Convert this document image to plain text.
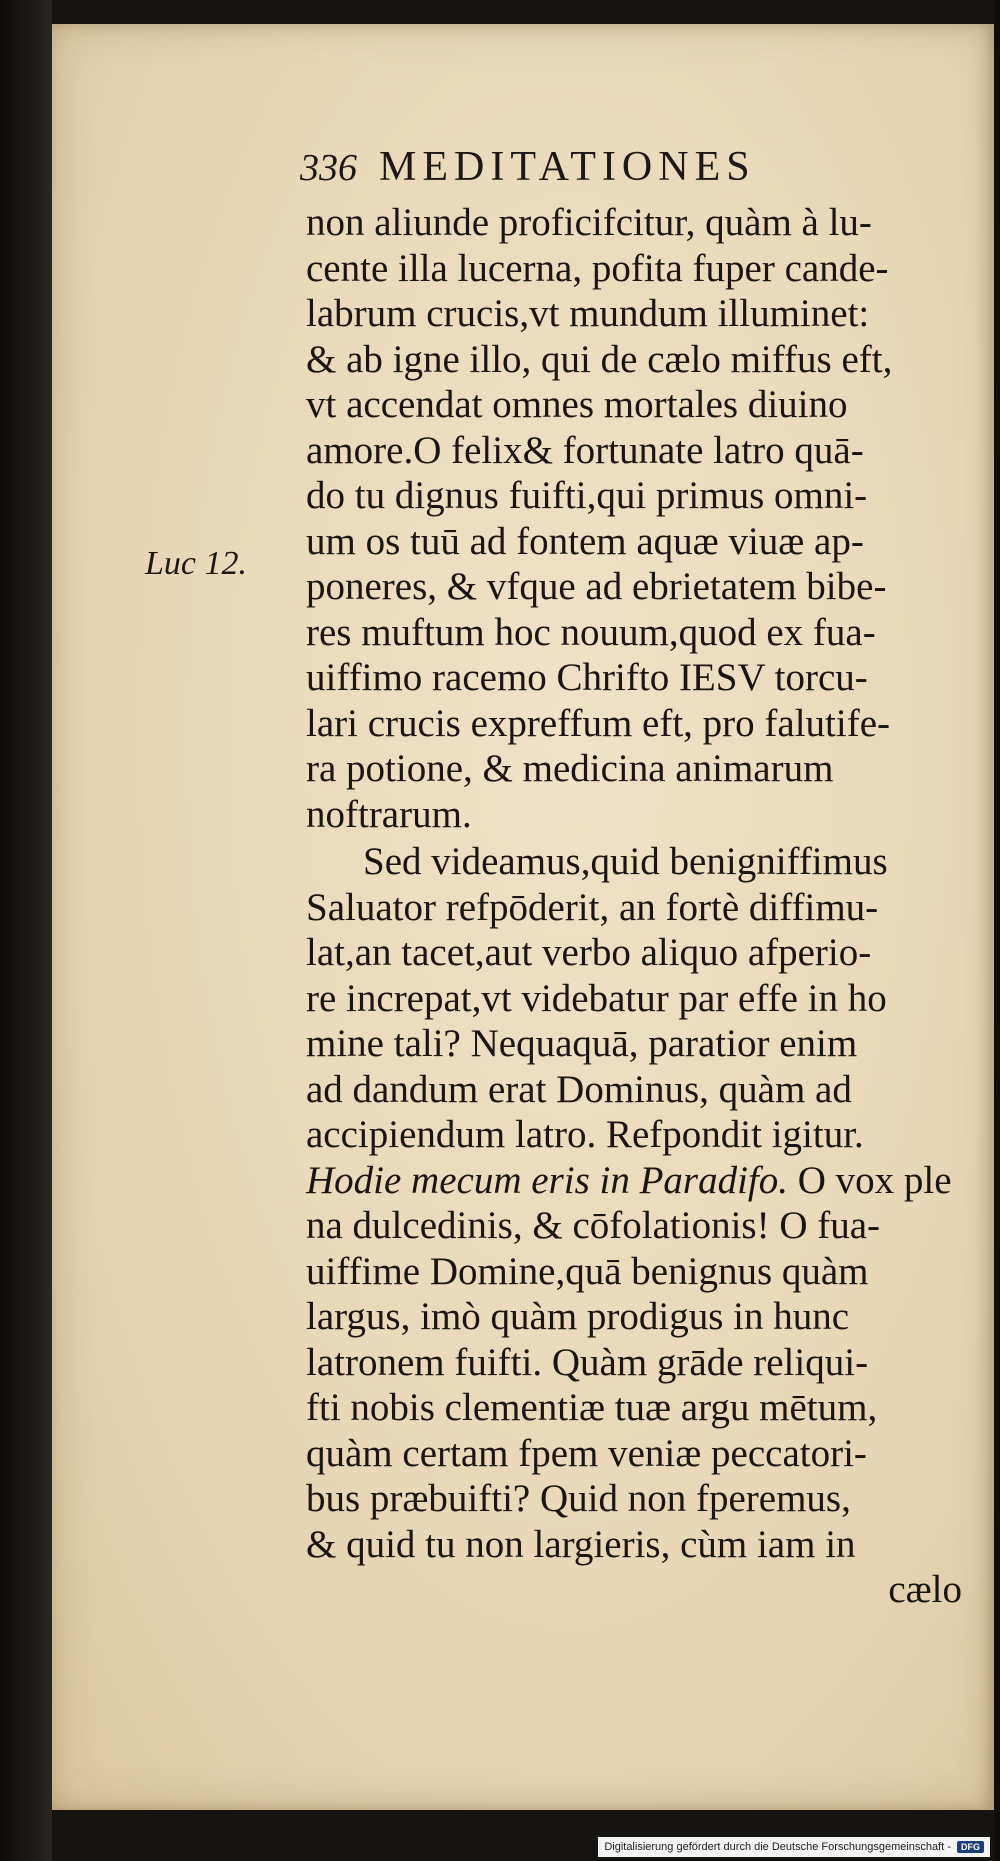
336 MEDITATIONES
Luc 12.
non aliunde proficifcitur, quàm à lu-
cente illa lucerna, pofita fuper cande-
labrum crucis,vt mundum illuminet:
& ab igne illo, qui de cælo miffus eft,
vt accendat omnes mortales diuino
amore.O felix& fortunate latro quā-
do tu dignus fuifti,qui primus omni-
um os tuū ad fontem aquæ viuæ ap-
poneres, & vfque ad ebrietatem bibe-
res muftum hoc nouum,quod ex fua-
uiffimo racemo Chrifto IESV torcu-
lari crucis expreffum eft, pro falutife-
ra potione, & medicina animarum
noftrarum.
Sed videamus,quid benigniffimus
Saluator refpōderit, an fortè diffimu-
lat,an tacet,aut verbo aliquo afperio-
re increpat,vt videbatur par effe in ho
mine tali? Nequaquā, paratior enim
ad dandum erat Dominus, quàm ad
accipiendum latro. Refpondit igitur.
Hodie mecum eris in Paradifo. O vox ple
na dulcedinis, & cōfolationis! O fua-
uiffime Domine,quā benignus quàm
largus, imò quàm prodigus in hunc
latronem fuifti. Quàm grāde reliqui-
fti nobis clementiæ tuæ argu mētum,
quàm certam fpem veniæ peccatori-
bus præbuifti? Quid non fperemus,
& quid tu non largieris, cùm iam in
cælo
Digitalisierung gefördert durch die Deutsche Forschungsgemeinschaft -	DFG
